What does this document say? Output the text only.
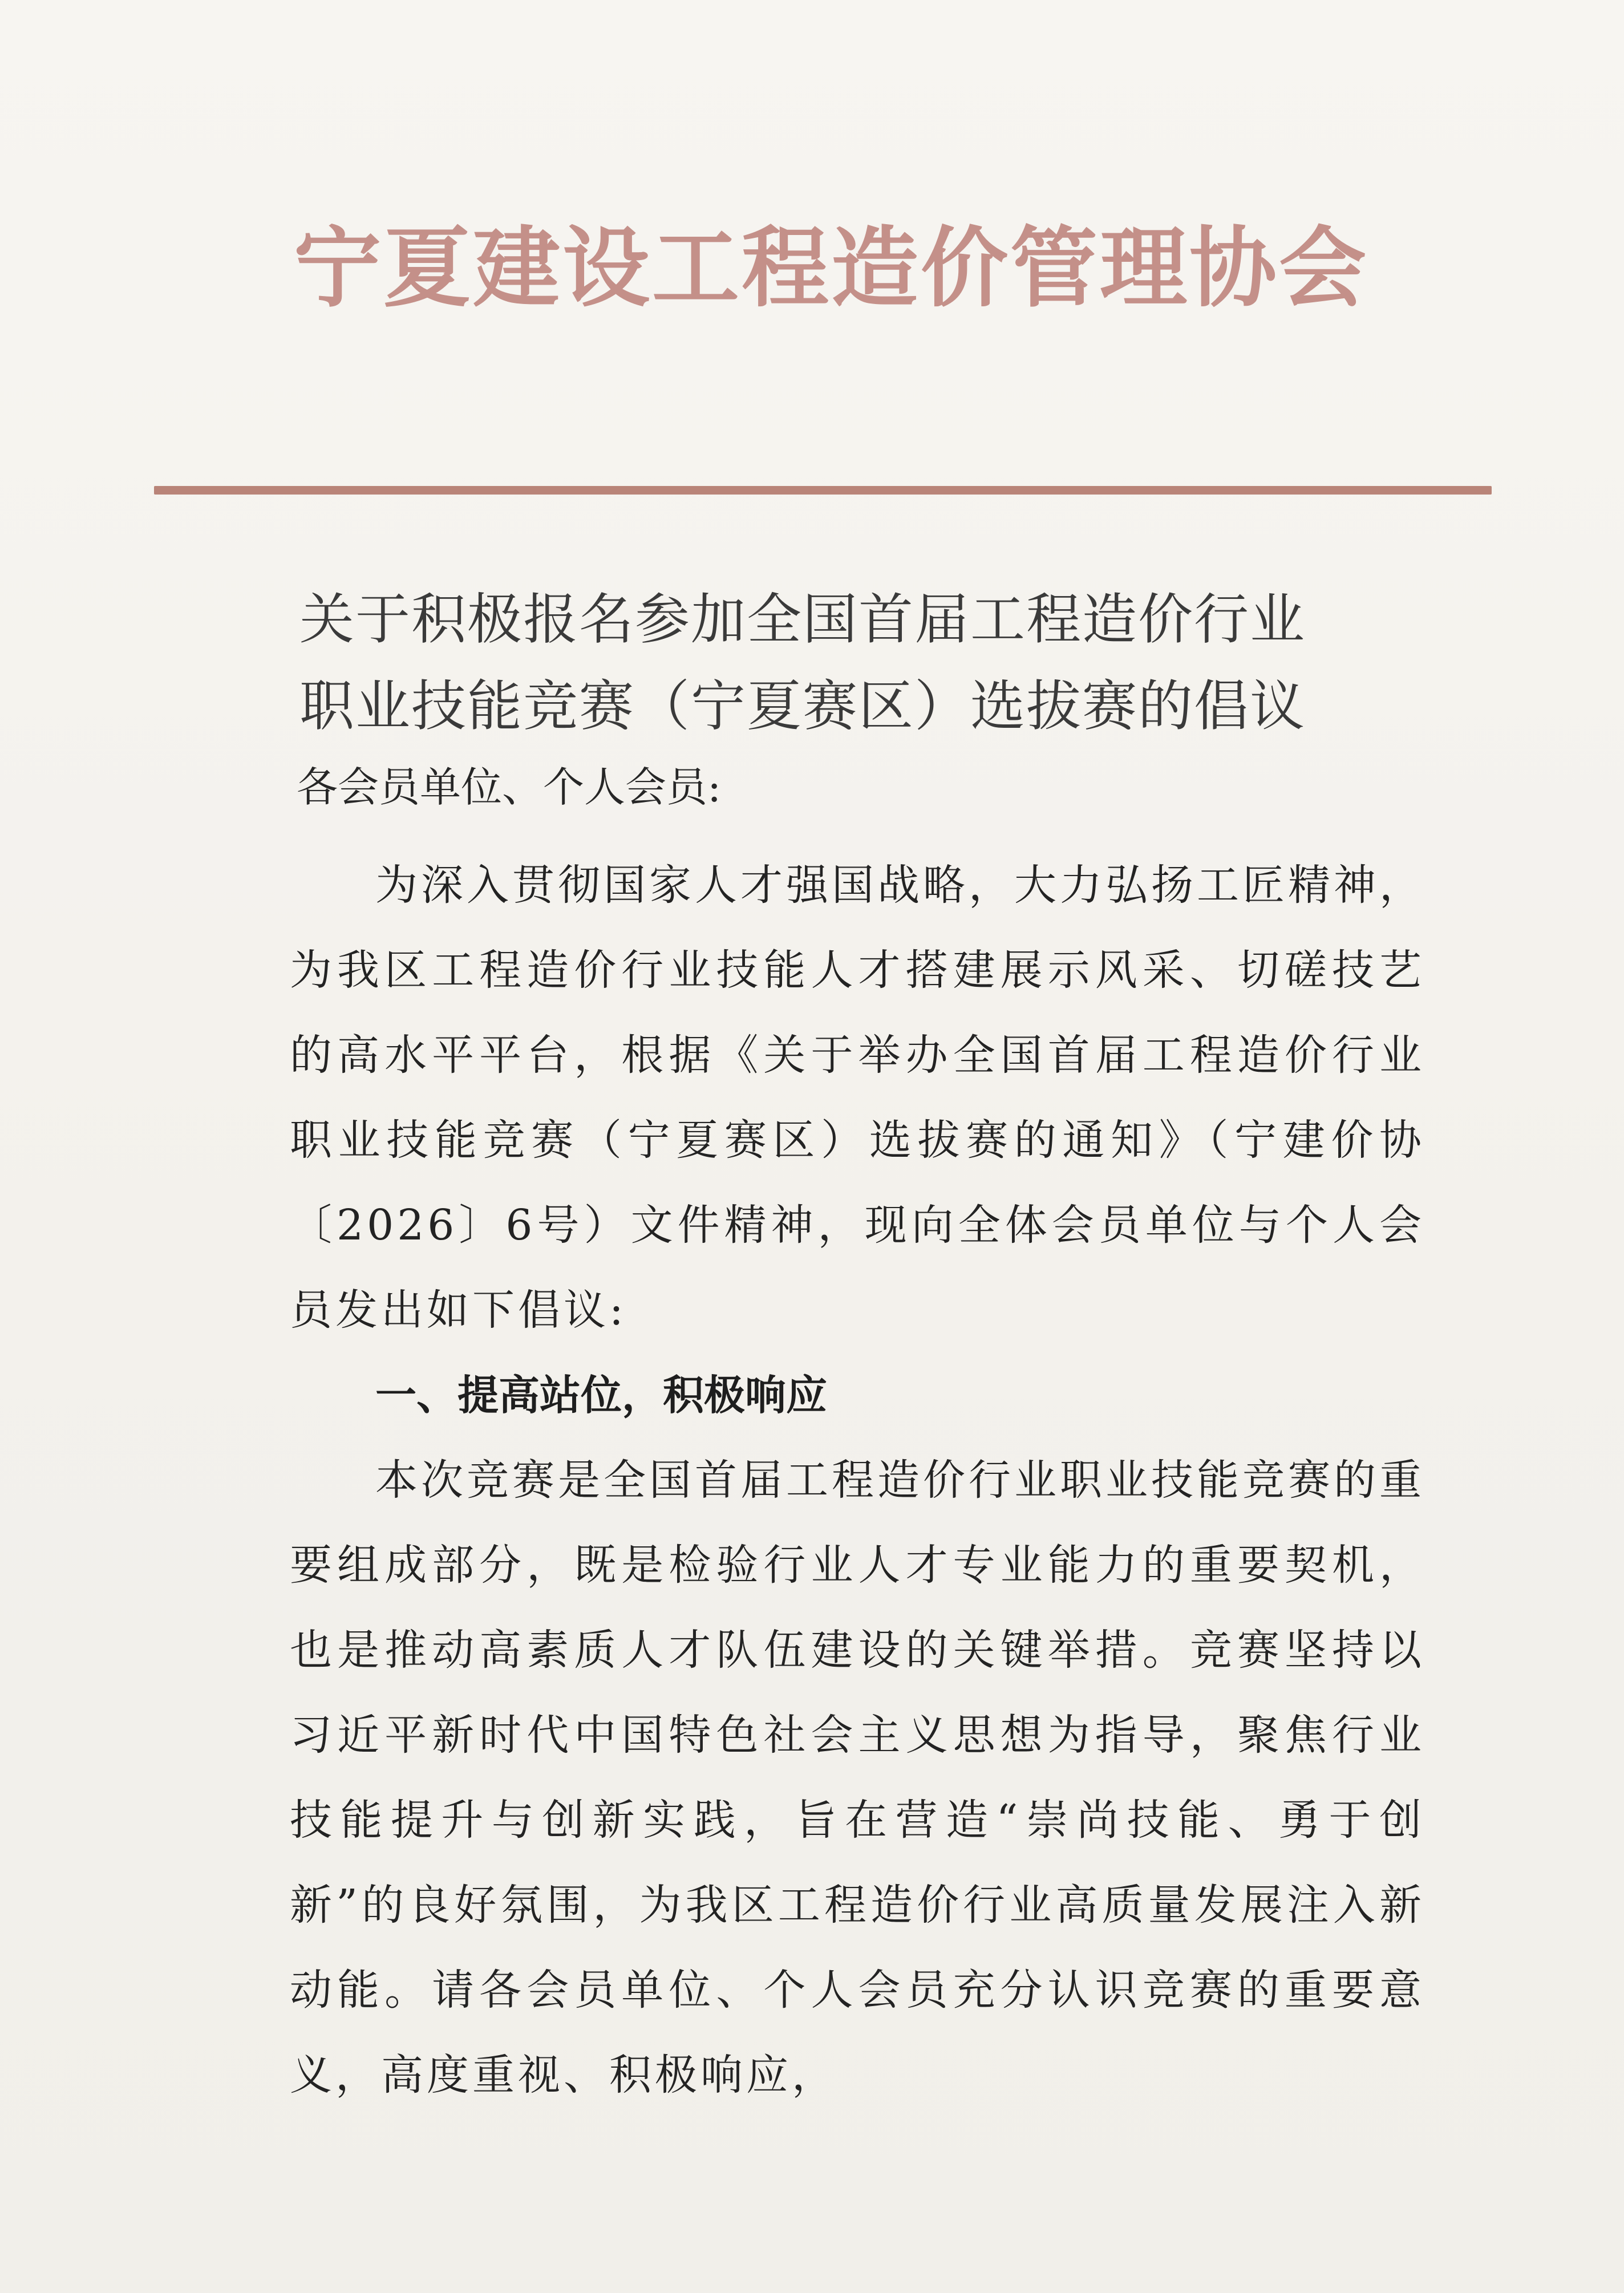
宁夏建设工程造价管理协会
关于积极报名参加全国首届工程造价行业
职业技能竞赛（宁夏赛区）选拔赛的倡议
各会员单位、个人会员:

为深入贯彻国家人才强国战略，大力弘扬工匠精神，为我区工程造价行业技能人才搭建展示风采、切磋技艺的高水平平台，根据《关于举办全国首届工程造价行业职业技能竞赛（宁夏赛区）选拔赛的通知》（宁建价协〔2026〕6号）文件精神，现向全体会员单位与个人会员发出如下倡议:

一、提高站位，积极响应

本次竞赛是全国首届工程造价行业职业技能竞赛的重要组成部分，既是检验行业人才专业能力的重要契机，也是推动高素质人才队伍建设的关键举措。竞赛坚持以习近平新时代中国特色社会主义思想为指导，聚焦行业技能提升与创新实践，旨在营造“崇尚技能、勇于创新”的良好氛围，为我区工程造价行业高质量发展注入新动能。请各会员单位、个人会员充分认识竞赛的重要意义，高度重视、积极响应，
